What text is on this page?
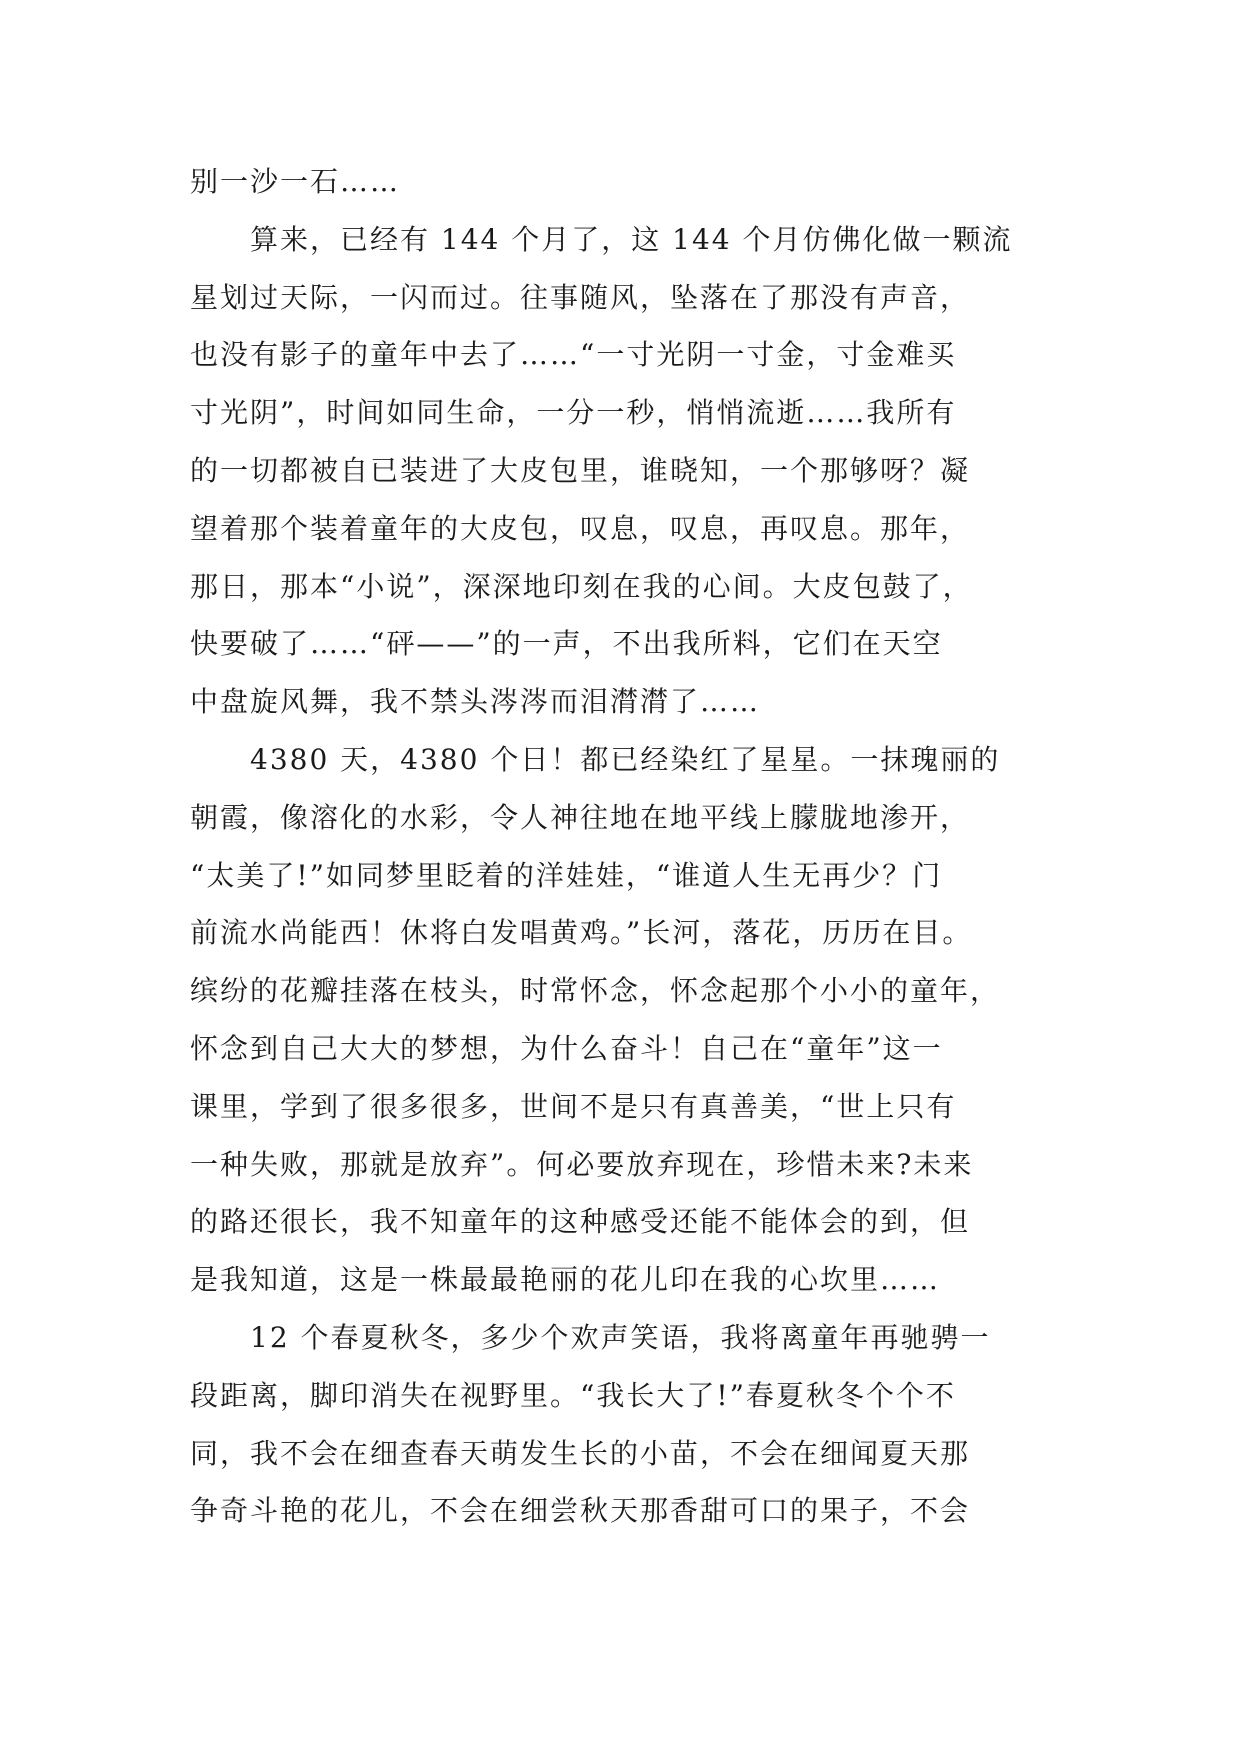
别一沙一石……
算来，已经有 144 个月了，这 144 个月仿佛化做一颗流
星划过天际，一闪而过。往事随风，坠落在了那没有声音，
也没有影子的童年中去了……“一寸光阴一寸金，寸金难买
寸光阴”，时间如同生命，一分一秒，悄悄流逝……我所有
的一切都被自已装进了大皮包里，谁晓知，一个那够呀？凝
望着那个装着童年的大皮包，叹息，叹息，再叹息。那年，
那日，那本“小说”，深深地印刻在我的心间。大皮包鼓了，
快要破了……“砰——”的一声，不出我所料，它们在天空
中盘旋风舞，我不禁头涔涔而泪潸潸了……
4380 天，4380 个日！都已经染红了星星。一抹瑰丽的
朝霞，像溶化的水彩，令人神往地在地平线上朦胧地渗开，
“太美了!”如同梦里眨着的洋娃娃，“谁道人生无再少？门
前流水尚能西！休将白发唱黄鸡。”长河，落花，历历在目。
缤纷的花瓣挂落在枝头，时常怀念，怀念起那个小小的童年，
怀念到自己大大的梦想，为什么奋斗！自己在“童年”这一
课里，学到了很多很多，世间不是只有真善美，“世上只有
一种失败，那就是放弃”。何必要放弃现在，珍惜未来?未来
的路还很长，我不知童年的这种感受还能不能体会的到，但
是我知道，这是一株最最艳丽的花儿印在我的心坎里……
12 个春夏秋冬，多少个欢声笑语，我将离童年再驰骋一
段距离，脚印消失在视野里。“我长大了!”春夏秋冬个个不
同，我不会在细查春天萌发生长的小苗，不会在细闻夏天那
争奇斗艳的花儿，不会在细尝秋天那香甜可口的果子，不会
